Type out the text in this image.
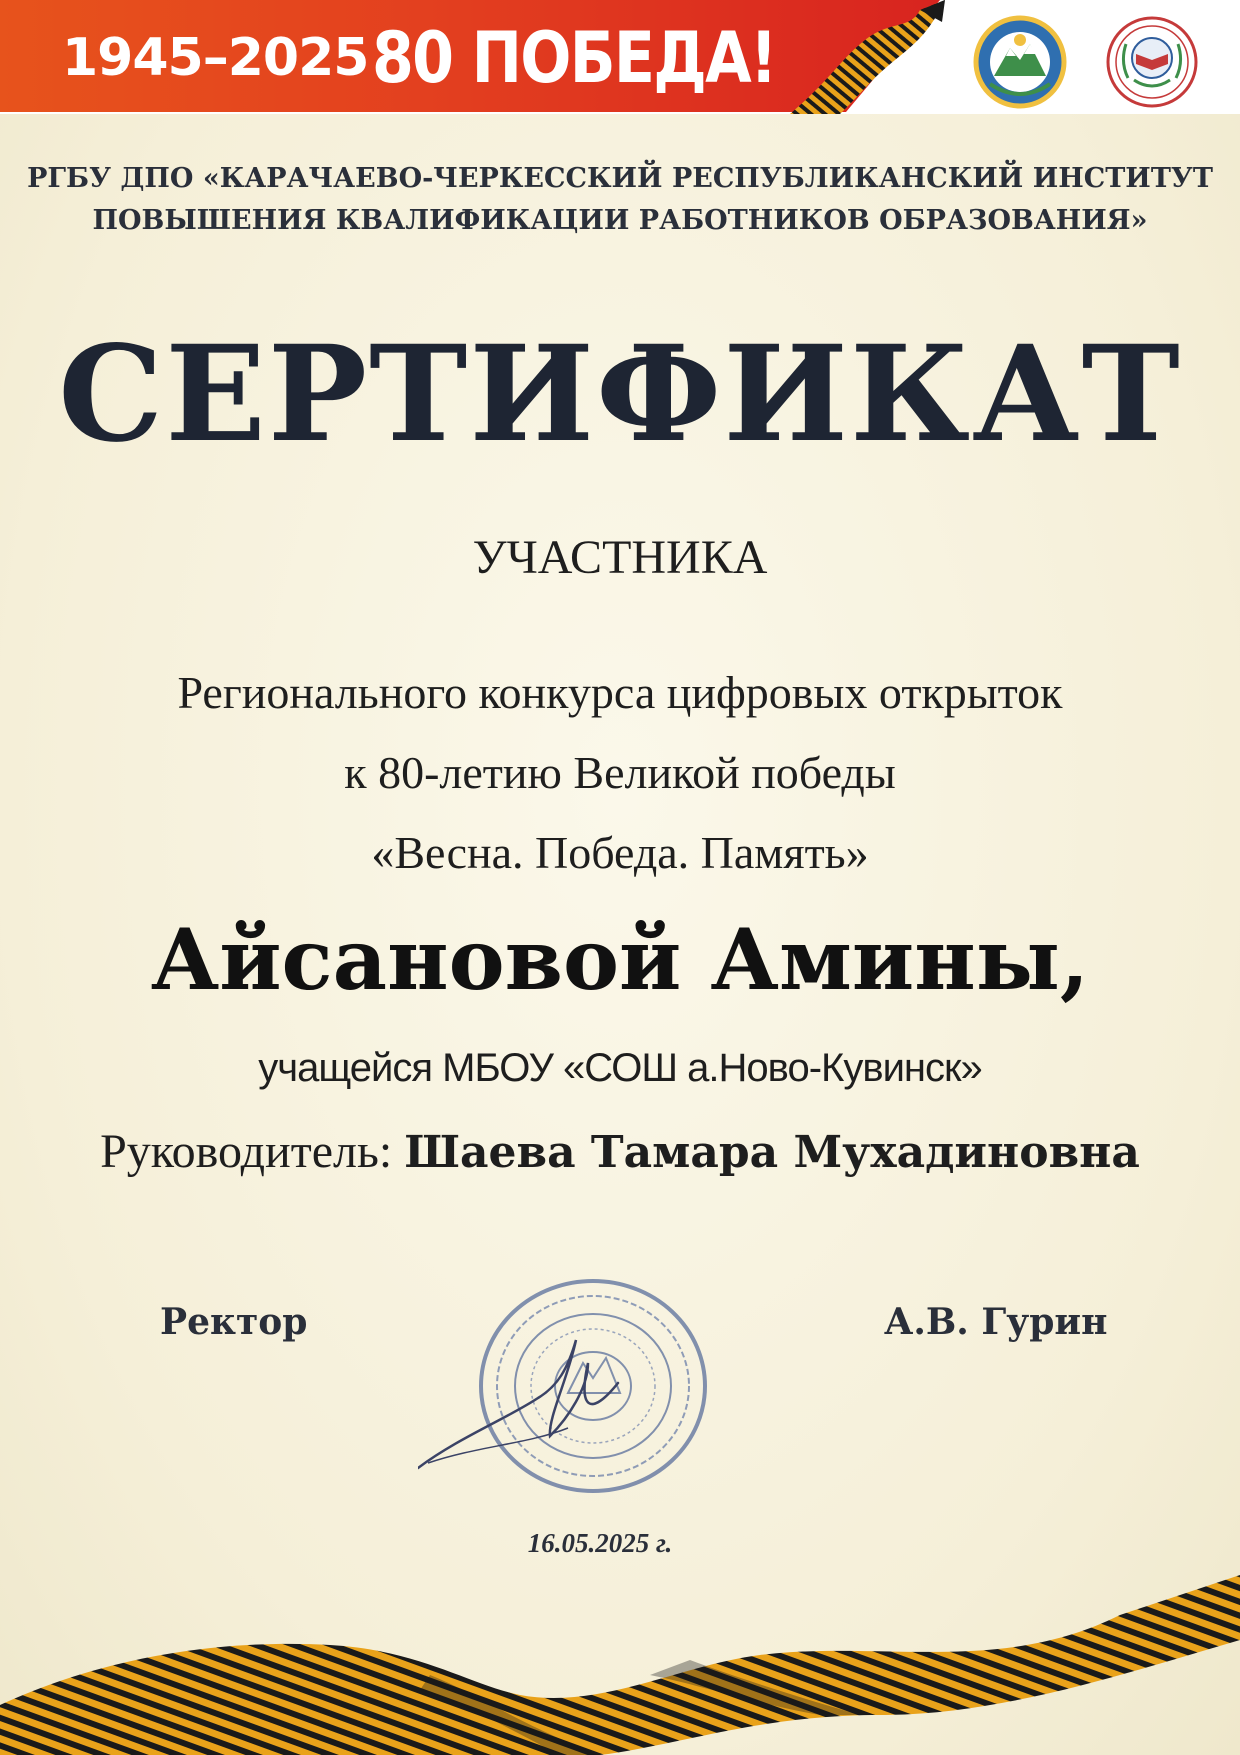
1945–2025 80 ПОБЕДА!
РГБУ ДПО «КАРАЧАЕВО-ЧЕРКЕССКИЙ РЕСПУБЛИКАНСКИЙ ИНСТИТУТ
ПОВЫШЕНИЯ КВАЛИФИКАЦИИ РАБОТНИКОВ ОБРАЗОВАНИЯ»
СЕРТИФИКАТ
УЧАСТНИКА
Регионального конкурса цифровых открыток
к 80-летию Великой победы
«Весна. Победа. Память»
Айсановой Амины,
учащейся МБОУ «СОШ а.Ново-Кувинск»
Руководитель: Шаева Тамара Мухадиновна
Ректор	А.В. Гурин
16.05.2025 г.
